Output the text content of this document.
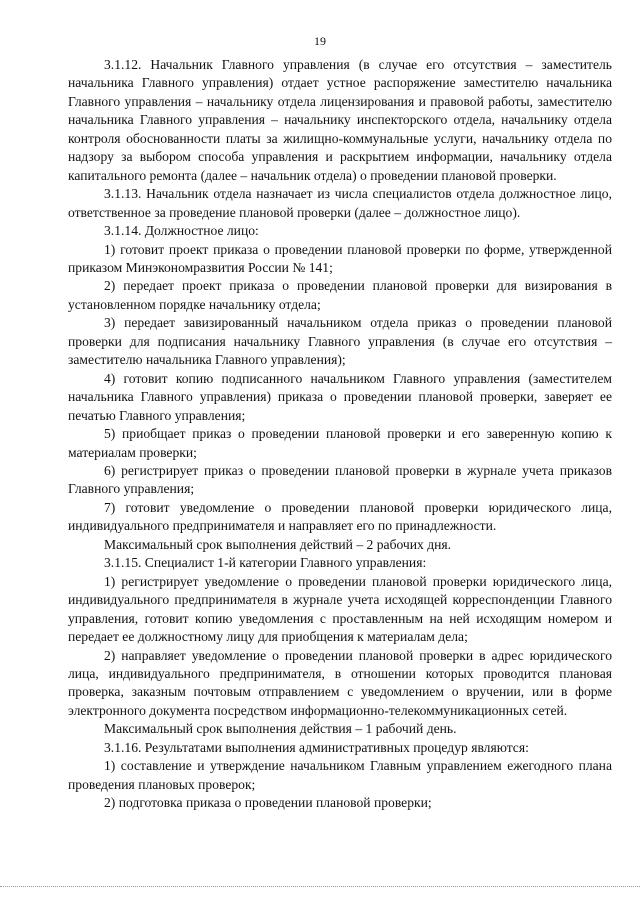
19

3.1.12. Начальник Главного управления (в случае его отсутствия – заместитель начальника Главного управления) отдает устное распоряжение заместителю начальника Главного управления – начальнику отдела лицензирования и правовой работы, заместителю начальника Главного управления – начальнику инспекторского отдела, начальнику отдела контроля обоснованности платы за жилищно-коммунальные услуги, начальнику отдела по надзору за выбором способа управления и раскрытием информации, начальнику отдела капитального ремонта (далее – начальник отдела) о проведении плановой проверки.

3.1.13. Начальник отдела назначает из числа специалистов отдела должностное лицо, ответственное за проведение плановой проверки (далее – должностное лицо).

3.1.14. Должностное лицо:

1) готовит проект приказа о проведении плановой проверки по форме, утвержденной приказом Минэкономразвития России № 141;

2) передает проект приказа о проведении плановой проверки для визирования в установленном порядке начальнику отдела;

3) передает завизированный начальником отдела приказ о проведении плановой проверки для подписания начальнику Главного управления (в случае его отсутствия – заместителю начальника Главного управления);

4) готовит копию подписанного начальником Главного управления (заместителем начальника Главного управления) приказа о проведении плановой проверки, заверяет ее печатью Главного управления;

5) приобщает приказ о проведении плановой проверки и его заверенную копию к материалам проверки;

6) регистрирует приказ о проведении плановой проверки в журнале учета приказов Главного управления;

7) готовит уведомление о проведении плановой проверки юридического лица, индивидуального предпринимателя и направляет его по принадлежности.

Максимальный срок выполнения действий – 2 рабочих дня.

3.1.15. Специалист 1-й категории Главного управления:

1) регистрирует уведомление о проведении плановой проверки юридического лица, индивидуального предпринимателя в журнале учета исходящей корреспонденции Главного управления, готовит копию уведомления с проставленным на ней исходящим номером и передает ее должностному лицу для приобщения к материалам дела;

2) направляет уведомление о проведении плановой проверки в адрес юридического лица, индивидуального предпринимателя, в отношении которых проводится плановая проверка, заказным почтовым отправлением с уведомлением о вручении, или в форме электронного документа посредством информационно-телекоммуникационных сетей.

Максимальный срок выполнения действия – 1 рабочий день.

3.1.16. Результатами выполнения административных процедур являются:

1) составление и утверждение начальником Главным управлением ежегодного плана проведения плановых проверок;

2) подготовка приказа о проведении плановой проверки;
